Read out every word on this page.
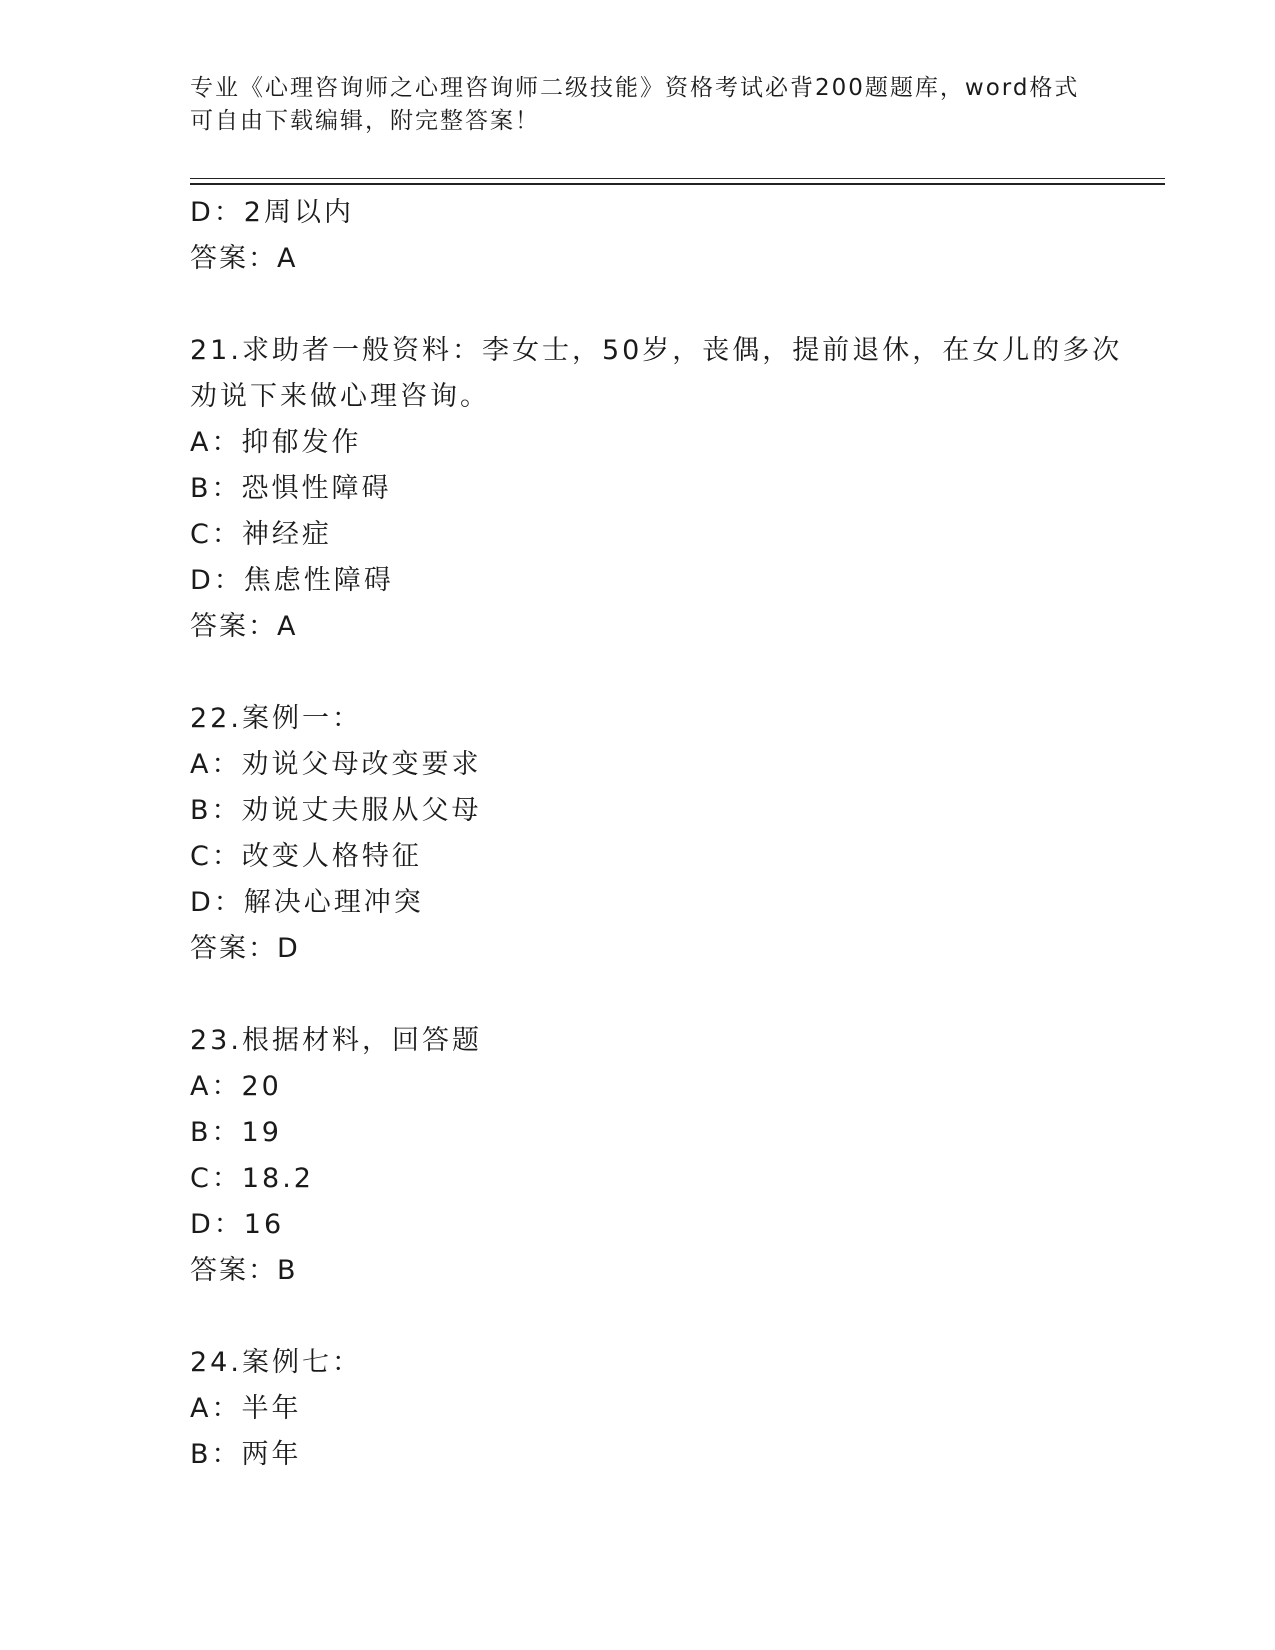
专业《心理咨询师之心理咨询师二级技能》资格考试必背200题题库，word格式
可自由下载编辑，附完整答案！
D：2周以内
答案：A
21.求助者一般资料：李女士，50岁，丧偶，提前退休，在女儿的多次
劝说下来做心理咨询。
A：抑郁发作
B：恐惧性障碍
C：神经症
D：焦虑性障碍
答案：A
22.案例一：
A：劝说父母改变要求
B：劝说丈夫服从父母
C：改变人格特征
D：解决心理冲突
答案：D
23.根据材料，回答题
A：20
B：19
C：18.2
D：16
答案：B
24.案例七：
A：半年
B：两年
